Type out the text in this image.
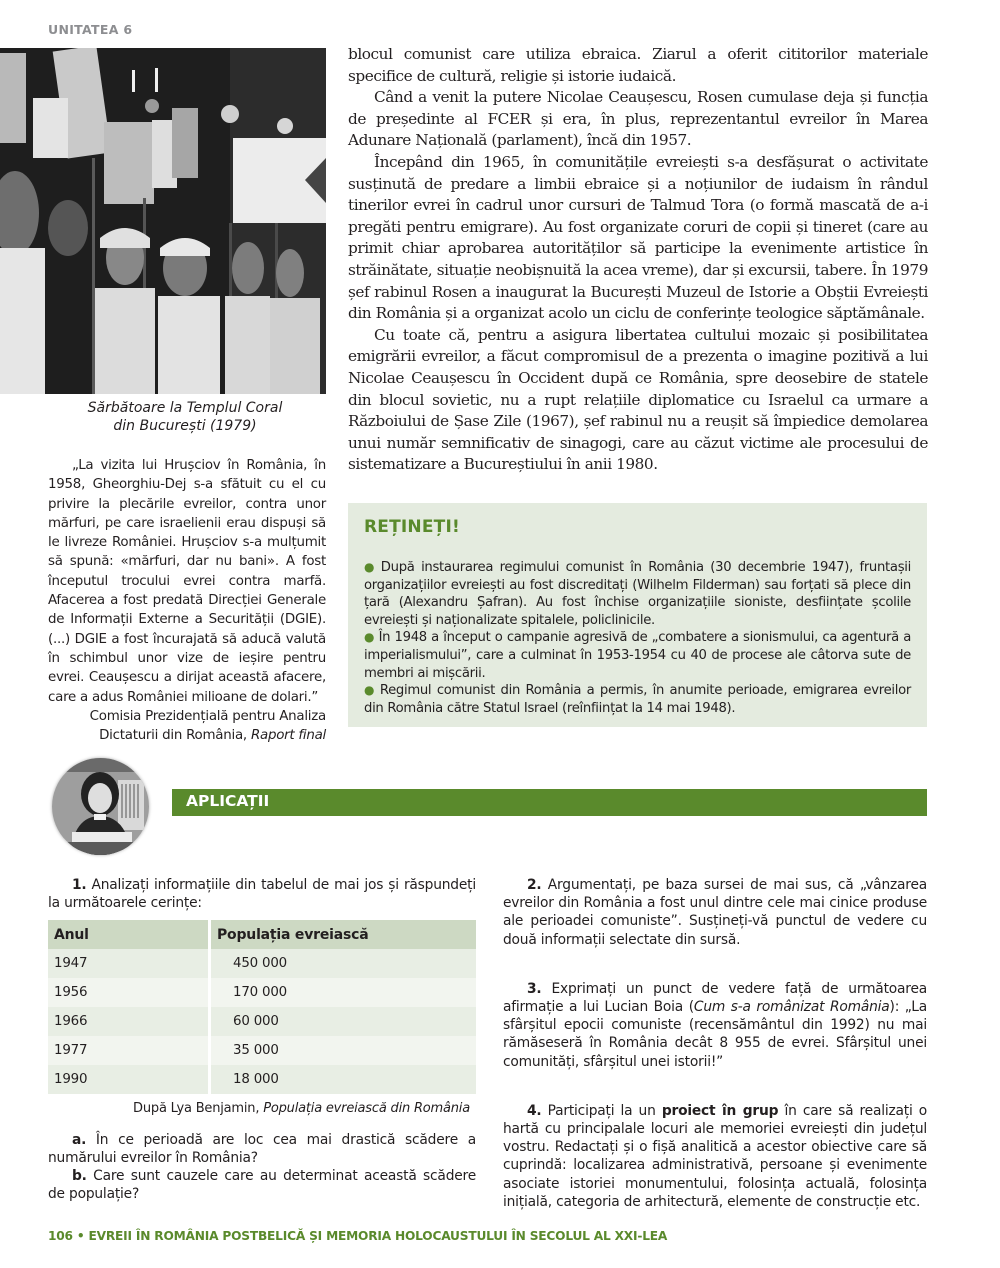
UNITATEA 6
Sărbătoare la Templul Coral
din București (1979)

„La vizita lui Hrușciov în România, în 1958, Gheorghiu-Dej s-a sfătuit cu el cu privire la plecările evreilor, contra unor mărfuri, pe care israelienii erau dispuși să le livreze României. Hrușciov s-a mulțumit să spună: «mărfuri, dar nu bani». A fost începutul trocului evrei contra marfă. Afacerea a fost predată Direcției Generale de Informații Externe a Securității (DGIE). (...) DGIE a fost încurajată să aducă valută în schimbul unor vize de ieșire pentru evrei. Ceaușescu a dirijat această afacere, care a adus României milioane de dolari.”

Comisia Prezidențială pentru Analiza

Dictaturii din România, Raport final

blocul comunist care utiliza ebraica. Ziarul a oferit cititorilor materiale specifice de cultură, religie și istorie iudaică.

Când a venit la putere Nicolae Ceaușescu, Rosen cumulase deja și funcția de președinte al FCER și era, în plus, reprezentantul evreilor în Marea Adunare Națională (parlament), încă din 1957.

Începând din 1965, în comunitățile evreiești s-a desfășurat o activitate susținută de predare a limbii ebraice și a noțiunilor de iudaism în rândul tinerilor evrei în cadrul unor cursuri de Talmud Tora (o formă mascată de a-i pregăti pentru emigrare). Au fost organizate coruri de copii și tineret (care au primit chiar aprobarea autorităților să participe la evenimente artistice în străinătate, situație neobișnuită la acea vreme), dar și excursii, tabere. În 1979 șef rabinul Rosen a inaugurat la București Muzeul de Istorie a Obștii Evreiești din România și a organizat acolo un ciclu de conferințe teologice săptămânale.

Cu toate că, pentru a asigura libertatea cultului mozaic și posibilitatea emigrării evreilor, a făcut compromisul de a prezenta o imagine pozitivă a lui Nicolae Ceaușescu în Occident după ce România, spre deosebire de statele din blocul sovietic, nu a rupt relațiile diplomatice cu Israelul ca urmare a Războiului de Șase Zile (1967), șef rabinul nu a reușit să împiedice demolarea unui număr semnificativ de sinagogi, care au căzut victime ale procesului de sistematizare a Bucureștiului în anii 1980.

REȚINEȚI!
● După instaurarea regimului comunist în România (30 decembrie 1947), fruntașii organizațiilor evreiești au fost discreditați (Wilhelm Filderman) sau forțati să plece din țară (Alexandru Șafran). Au fost închise organizațiile sioniste, desființate școlile evreiești și naționalizate spitalele, policlinicile.
● În 1948 a început o campanie agresivă de „combatere a sionismului, ca agentură a imperialismului”, care a culminat în 1953-1954 cu 40 de procese ale câtorva sute de membri ai mișcării.
● Regimul comunist din România a permis, în anumite perioade, emigrarea evreilor din România către Statul Israel (reînființat la 14 mai 1948).
APLICAȚII

1. Analizați informațiile din tabelul de mai jos și răspundeți la următoarele cerințe:

Anul	Populația evreiască
1947	450 000
1956	170 000
1966	60 000
1977	35 000
1990	18 000
După Lya Benjamin, Populația evreiască din România

a. În ce perioadă are loc cea mai drastică scădere a numărului evreilor în România?

b. Care sunt cauzele care au determinat această scădere de populație?

2. Argumentați, pe baza sursei de mai sus, că „vânzarea evreilor din România a fost unul dintre cele mai cinice produse ale perioadei comuniste”. Susțineți-vă punctul de vedere cu două informații selectate din sursă.

3. Exprimați un punct de vedere față de următoarea afirmație a lui Lucian Boia (Cum s-a românizat România): „La sfârșitul epocii comuniste (recensământul din 1992) nu mai rămăseseră în România decât 8 955 de evrei. Sfârșitul unei comunități, sfârșitul unei istorii!”

4. Participați la un proiect în grup în care să realizați o hartă cu principalale locuri ale memoriei evreiești din județul vostru. Redactați și o fișă analitică a acestor obiective care să cuprindă: localizarea administrativă, persoane și evenimente asociate istoriei monumentului, folosința actuală, folosința inițială, categoria de arhitectură, elemente de construcție etc.

106 • EVREII ÎN ROMÂNIA POSTBELICĂ ȘI MEMORIA HOLOCAUSTULUI ÎN SECOLUL AL XXI-LEA
